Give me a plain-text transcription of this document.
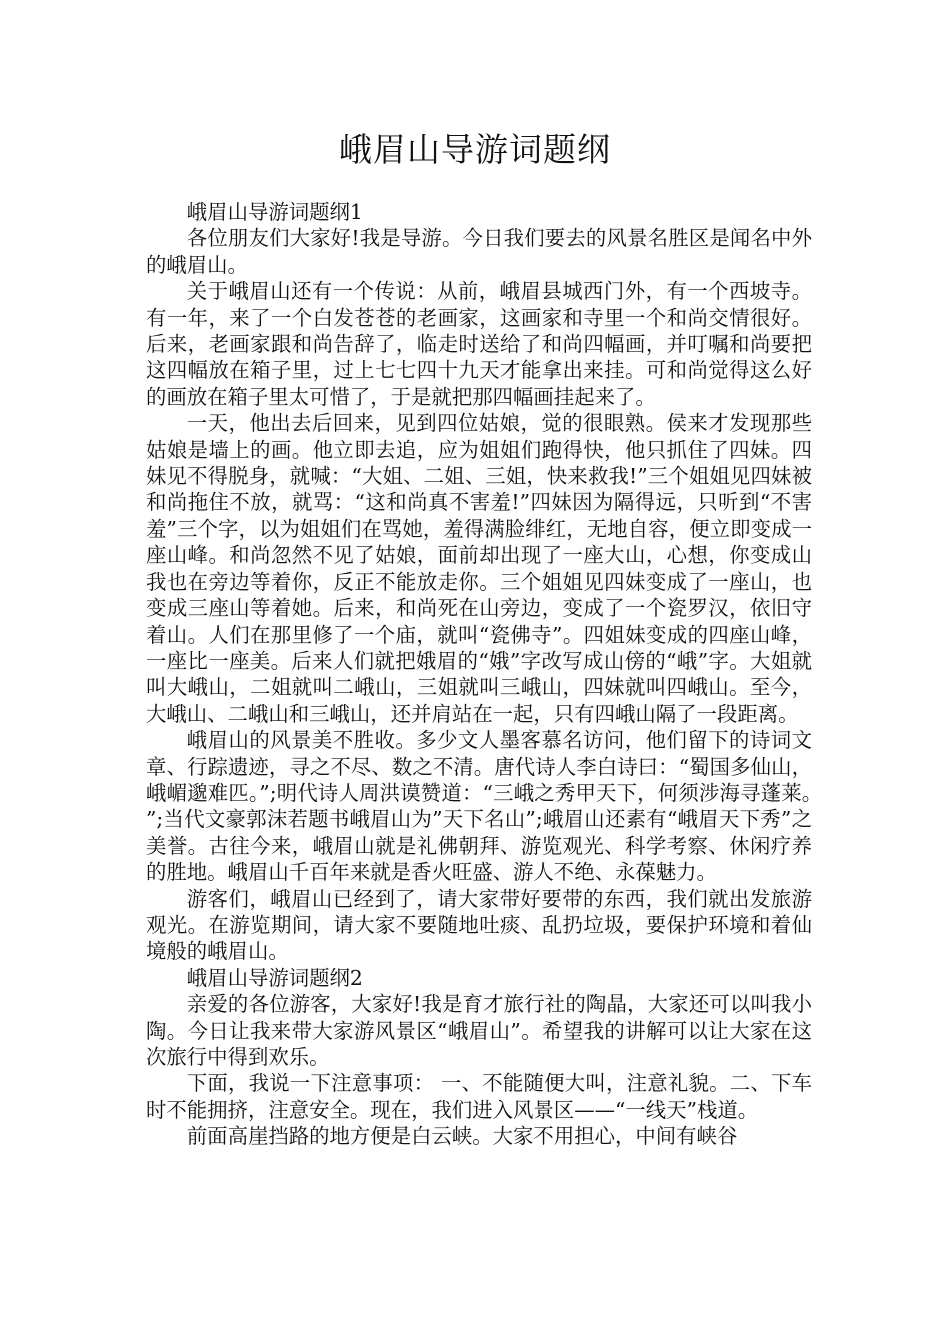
峨眉山导游词题纲

峨眉山导游词题纲1

各位朋友们大家好!我是导游。今日我们要去的风景名胜区是闻名中外的峨眉山。

关于峨眉山还有一个传说：从前，峨眉县城西门外，有一个西坡寺。有一年，来了一个白发苍苍的老画家，这画家和寺里一个和尚交情很好。后来，老画家跟和尚告辞了，临走时送给了和尚四幅画，并叮嘱和尚要把这四幅放在箱子里，过上七七四十九天才能拿出来挂。可和尚觉得这么好的画放在箱子里太可惜了，于是就把那四幅画挂起来了。

一天，他出去后回来，见到四位姑娘，觉的很眼熟。侯来才发现那些姑娘是墙上的画。他立即去追，应为姐姐们跑得快，他只抓住了四妹。四妹见不得脱身，就喊：“大姐、二姐、三姐，快来救我!”三个姐姐见四妹被和尚拖住不放，就骂：“这和尚真不害羞!”四妹因为隔得远，只听到“不害羞”三个字，以为姐姐们在骂她，羞得满脸绯红，无地自容，便立即变成一座山峰。和尚忽然不见了姑娘，面前却出现了一座大山，心想，你变成山我也在旁边等着你，反正不能放走你。三个姐姐见四妹变成了一座山，也变成三座山等着她。后来，和尚死在山旁边，变成了一个瓷罗汉，依旧守着山。人们在那里修了一个庙，就叫“瓷佛寺”。四姐妹变成的四座山峰，一座比一座美。后来人们就把娥眉的“娥”字改写成山傍的“峨”字。大姐就叫大峨山，二姐就叫二峨山，三姐就叫三峨山，四妹就叫四峨山。至今，大峨山、二峨山和三峨山，还并肩站在一起，只有四峨山隔了一段距离。

峨眉山的风景美不胜收。多少文人墨客慕名访问，他们留下的诗词文章、行踪遗迹，寻之不尽、数之不清。唐代诗人李白诗曰：“蜀国多仙山，峨嵋邈难匹。”;明代诗人周洪谟赞道：“三峨之秀甲天下，何须涉海寻蓬莱。”;当代文豪郭沫若题书峨眉山为”天下名山”;峨眉山还素有“峨眉天下秀”之美誉。古往今来，峨眉山就是礼佛朝拜、游览观光、科学考察、休闲疗养的胜地。峨眉山千百年来就是香火旺盛、游人不绝、永葆魅力。

游客们，峨眉山已经到了，请大家带好要带的东西，我们就出发旅游观光。在游览期间，请大家不要随地吐痰、乱扔垃圾，要保护环境和着仙境般的峨眉山。

峨眉山导游词题纲2

亲爱的各位游客，大家好!我是育才旅行社的陶晶，大家还可以叫我小陶。今日让我来带大家游风景区“峨眉山”。希望我的讲解可以让大家在这次旅行中得到欢乐。

下面，我说一下注意事项： 一、不能随便大叫，注意礼貌。二、下车时不能拥挤，注意安全。现在，我们进入风景区——“一线天”栈道。

前面高崖挡路的地方便是白云峡。大家不用担心，中间有峡谷
